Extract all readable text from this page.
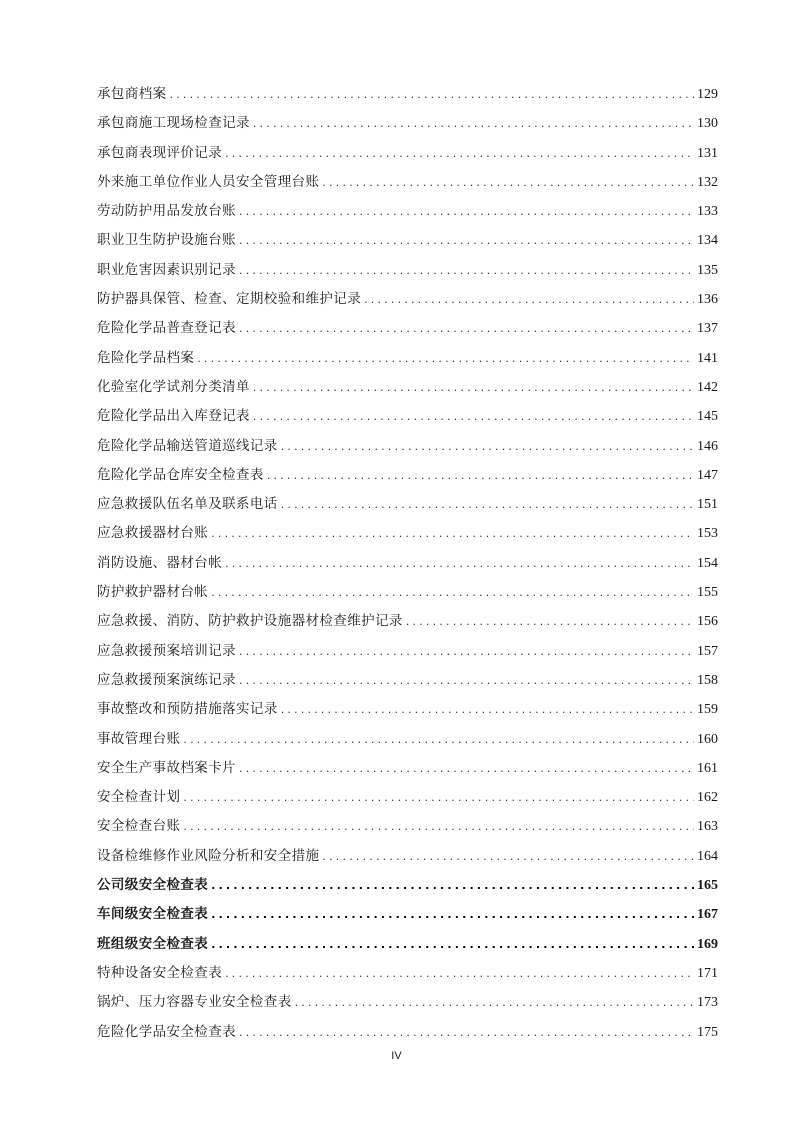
承包商档案 .....	129
承包商施工现场检查记录 .....	130
承包商表现评价记录 .....	131
外来施工单位作业人员安全管理台账 .....	132
劳动防护用品发放台账 .....	133
职业卫生防护设施台账 .....	134
职业危害因素识别记录 .....	135
防护器具保管、检查、定期校验和维护记录 .....	136
危险化学品普查登记表 .....	137
危险化学品档案 .....	141
化验室化学试剂分类清单 .....	142
危险化学品出入库登记表 .....	145
危险化学品输送管道巡线记录 .....	146
危险化学品仓库安全检查表 .....	147
应急救援队伍名单及联系电话 .....	151
应急救援器材台账 .....	153
消防设施、器材台帐 .....	154
防护救护器材台帐 .....	155
应急救援、消防、防护救护设施器材检查维护记录 .....	156
应急救援预案培训记录 .....	157
应急救援预案演练记录 .....	158
事故整改和预防措施落实记录 .....	159
事故管理台账 .....	160
安全生产事故档案卡片 .....	161
安全检查计划 .....	162
安全检查台账 .....	163
设备检维修作业风险分析和安全措施 .....	164
公司级安全检查表 .....	165
车间级安全检查表 .....	167
班组级安全检查表 .....	169
特种设备安全检查表 .....	171
锅炉、压力容器专业安全检查表 .....	173
危险化学品安全检查表 .....	175
IV
